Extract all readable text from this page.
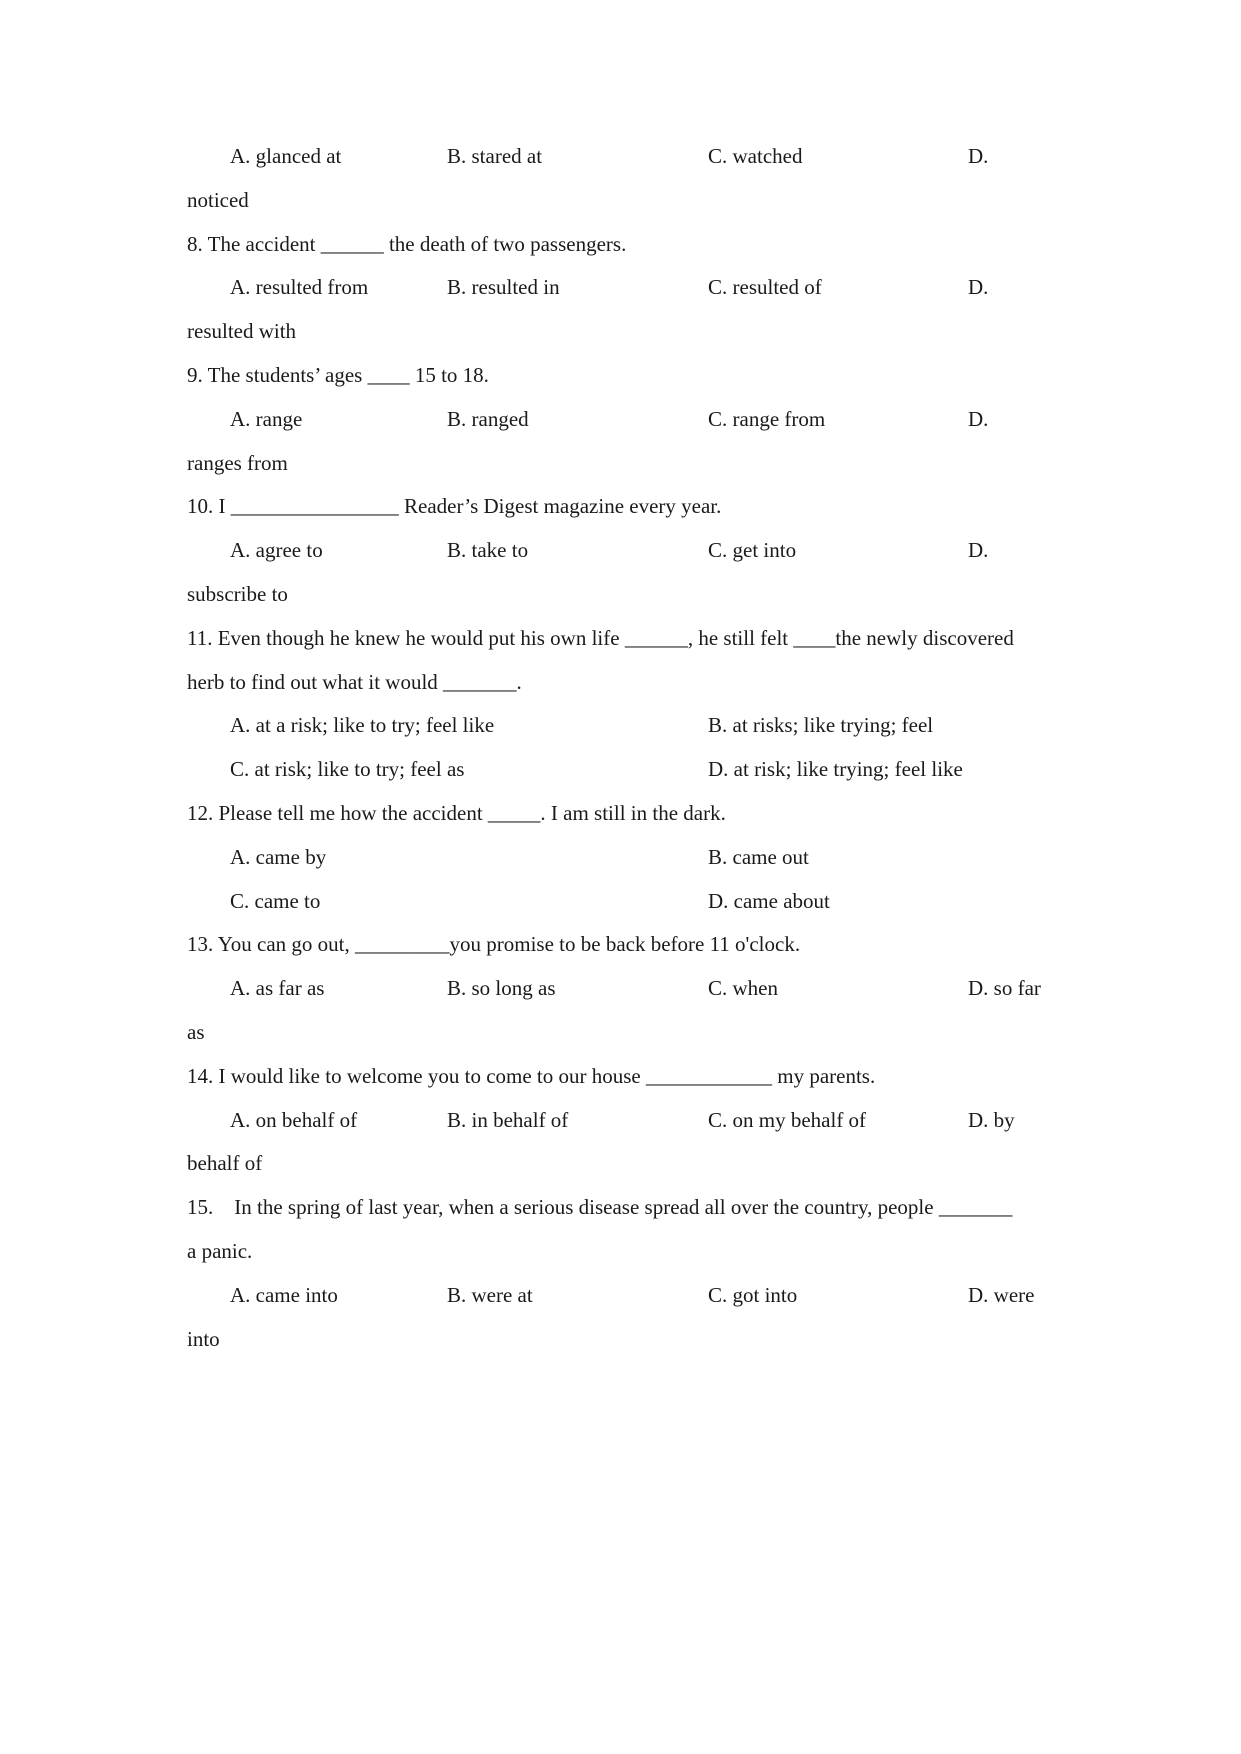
A. glanced at	B. stared at	C. watched	D.
noticed
8. The accident ______ the death of two passengers.
A. resulted from	B. resulted in	C. resulted of	D.
resulted with
9. The students’ ages ____ 15 to 18.
A. range	B. ranged	C. range from	D.
ranges from
10. I ________________ Reader’s Digest magazine every year.
A. agree to	B. take to	C. get into	D.
subscribe to
11. Even though he knew he would put his own life ______, he still felt ____the newly discovered
herb to find out what it would _______.
A. at a risk; like to try; feel like	B. at risks; like trying; feel
C. at risk; like to try; feel as	D. at risk; like trying; feel like
12. Please tell me how the accident _____. I am still in the dark.
A. came by	B. came out
C. came to	D. came about
13. You can go out, _________you promise to be back before 11 o'clock.
A. as far as	B. so long as	C. when	D. so far
as
14. I would like to welcome you to come to our house ____________ my parents.
A. on behalf of	B. in behalf of	C. on my behalf of	D. by
behalf of
15.    In the spring of last year, when a serious disease spread all over the country, people _______
a panic.
A. came into	B. were at	C. got into	D. were
into
